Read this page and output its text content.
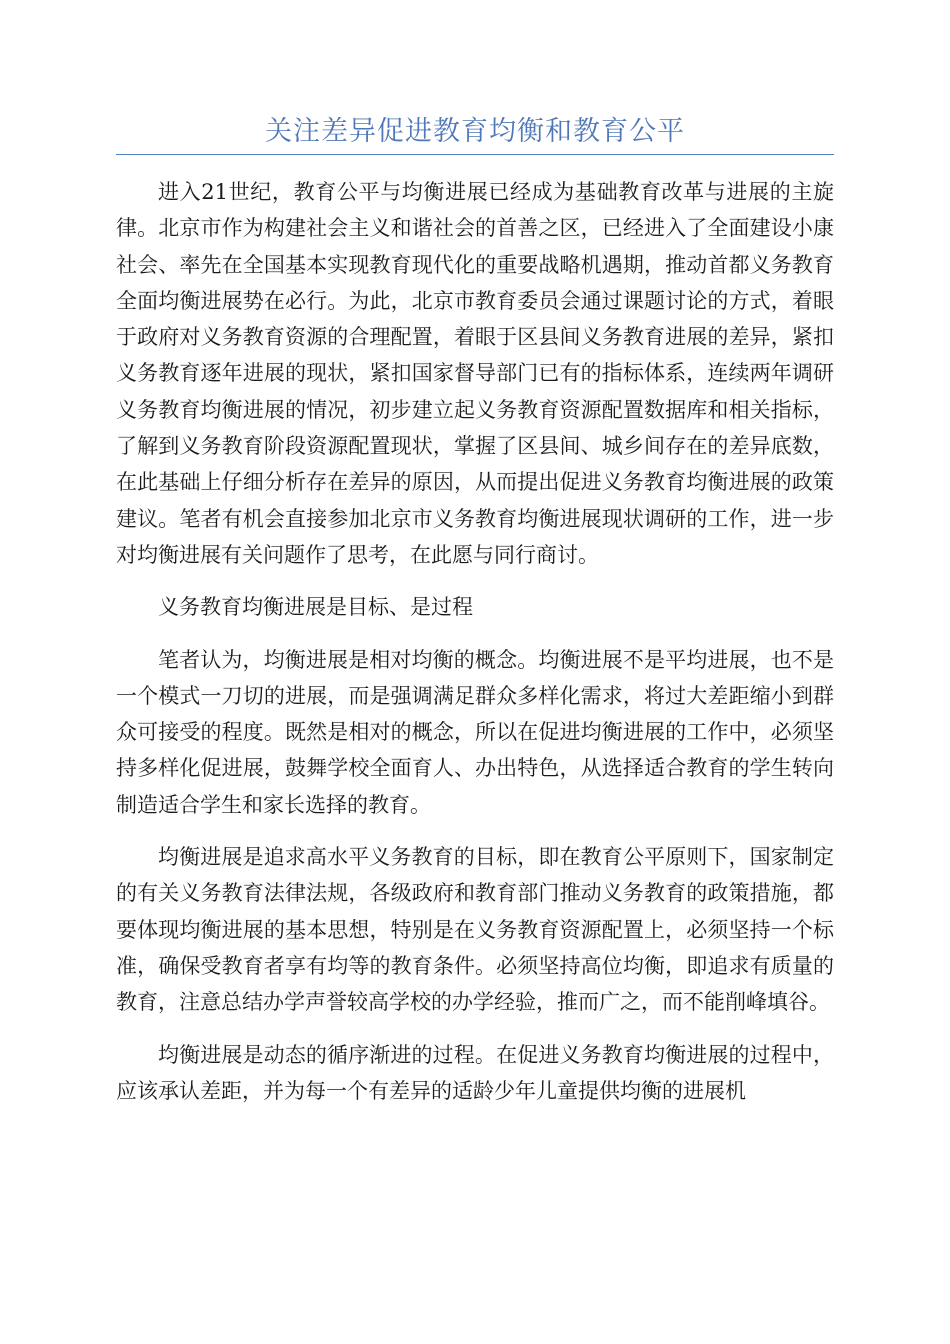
关注差异促进教育均衡和教育公平

进入21世纪，教育公平与均衡进展已经成为基础教育改革与进展的主旋律。北京市作为构建社会主义和谐社会的首善之区，已经进入了全面建设小康社会、率先在全国基本实现教育现代化的重要战略机遇期，推动首都义务教育全面均衡进展势在必行。为此，北京市教育委员会通过课题讨论的方式，着眼于政府对义务教育资源的合理配置，着眼于区县间义务教育进展的差异，紧扣义务教育逐年进展的现状，紧扣国家督导部门已有的指标体系，连续两年调研义务教育均衡进展的情况，初步建立起义务教育资源配置数据库和相关指标，了解到义务教育阶段资源配置现状，掌握了区县间、城乡间存在的差异底数，在此基础上仔细分析存在差异的原因，从而提出促进义务教育均衡进展的政策建议。笔者有机会直接参加北京市义务教育均衡进展现状调研的工作，进一步对均衡进展有关问题作了思考，在此愿与同行商讨。

义务教育均衡进展是目标、是过程

笔者认为，均衡进展是相对均衡的概念。均衡进展不是平均进展，也不是一个模式一刀切的进展，而是强调满足群众多样化需求，将过大差距缩小到群众可接受的程度。既然是相对的概念，所以在促进均衡进展的工作中，必须坚持多样化促进展，鼓舞学校全面育人、办出特色，从选择适合教育的学生转向制造适合学生和家长选择的教育。

均衡进展是追求高水平义务教育的目标，即在教育公平原则下，国家制定的有关义务教育法律法规，各级政府和教育部门推动义务教育的政策措施，都要体现均衡进展的基本思想，特别是在义务教育资源配置上，必须坚持一个标准，确保受教育者享有均等的教育条件。必须坚持高位均衡，即追求有质量的教育，注意总结办学声誉较高学校的办学经验，推而广之，而不能削峰填谷。

均衡进展是动态的循序渐进的过程。在促进义务教育均衡进展的过程中，应该承认差距，并为每一个有差异的适龄少年儿童提供均衡的进展机
